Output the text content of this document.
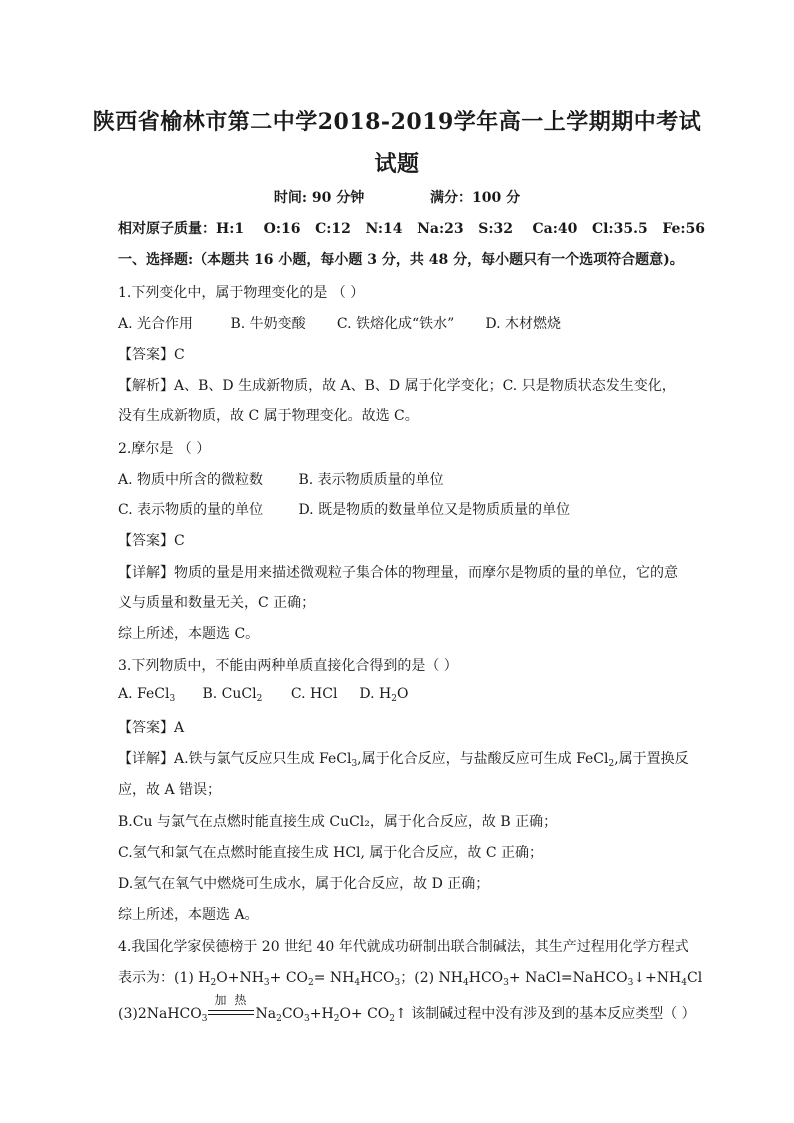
陕西省榆林市第二中学2018-2019学年高一上学期期中考试
试题
时间: 90 分钟	满分：100 分
相对原子质量：H:1    O:16   C:12   N:14   Na:23   S:32    Ca:40   Cl:35.5   Fe:56
一、选择题:（本题共 16 小题，每小题 3 分，共 48 分，每小题只有一个选项符合题意)。
1.下列变化中，属于物理变化的是 （ ）
A. 光合作用	B. 牛奶变酸 C. 铁熔化成“铁水” D. 木材燃烧
【答案】C
【解析】A、B、D 生成新物质，故 A、B、D 属于化学变化；C. 只是物质状态发生变化，
没有生成新物质，故 C 属于物理变化。故选 C。
2.摩尔是 （ ）
A. 物质中所含的微粒数	B. 表示物质质量的单位
C. 表示物质的量的单位	D. 既是物质的数量单位又是物质质量的单位
【答案】C
【详解】物质的量是用来描述微观粒子集合体的物理量，而摩尔是物质的量的单位，它的意
义与质量和数量无关，C 正确；
综上所述，本题选 C。
3.下列物质中，不能由两种单质直接化合得到的是（ ）
A. FeCl$_3$ B. CuCl$_2$ C. HCl D. $H_2O$
【答案】A
【详解】A.铁与氯气反应只生成 FeCl$_3$,属于化合反应，与盐酸反应可生成 FeCl$_2$,属于置换反
应，故 A 错误；
B.Cu 与氯气在点燃时能直接生成 CuCl₂，属于化合反应，故 B 正确；
C.氢气和氯气在点燃时能直接生成 HCl, 属于化合反应，故 C 正确；
D.氢气在氧气中燃烧可生成水，属于化合反应，故 D 正确；
综上所述，本题选 A。
4.我国化学家侯德榜于 20 世纪 40 年代就成功研制出联合制碱法，其生产过程用化学方程式
表示为：(1) $H_2O+NH_3+ CO_2= NH_4HCO_3$；(2) $NH_4HCO_3+$ $NaCl=NaHCO_3↓+NH_4Cl$
(3)2NaHCO$_3$
加 热
$Na_2CO_3+H_2O+$ $CO_2↑$ 该制碱过程中没有涉及到的基本反应类型（ ）
